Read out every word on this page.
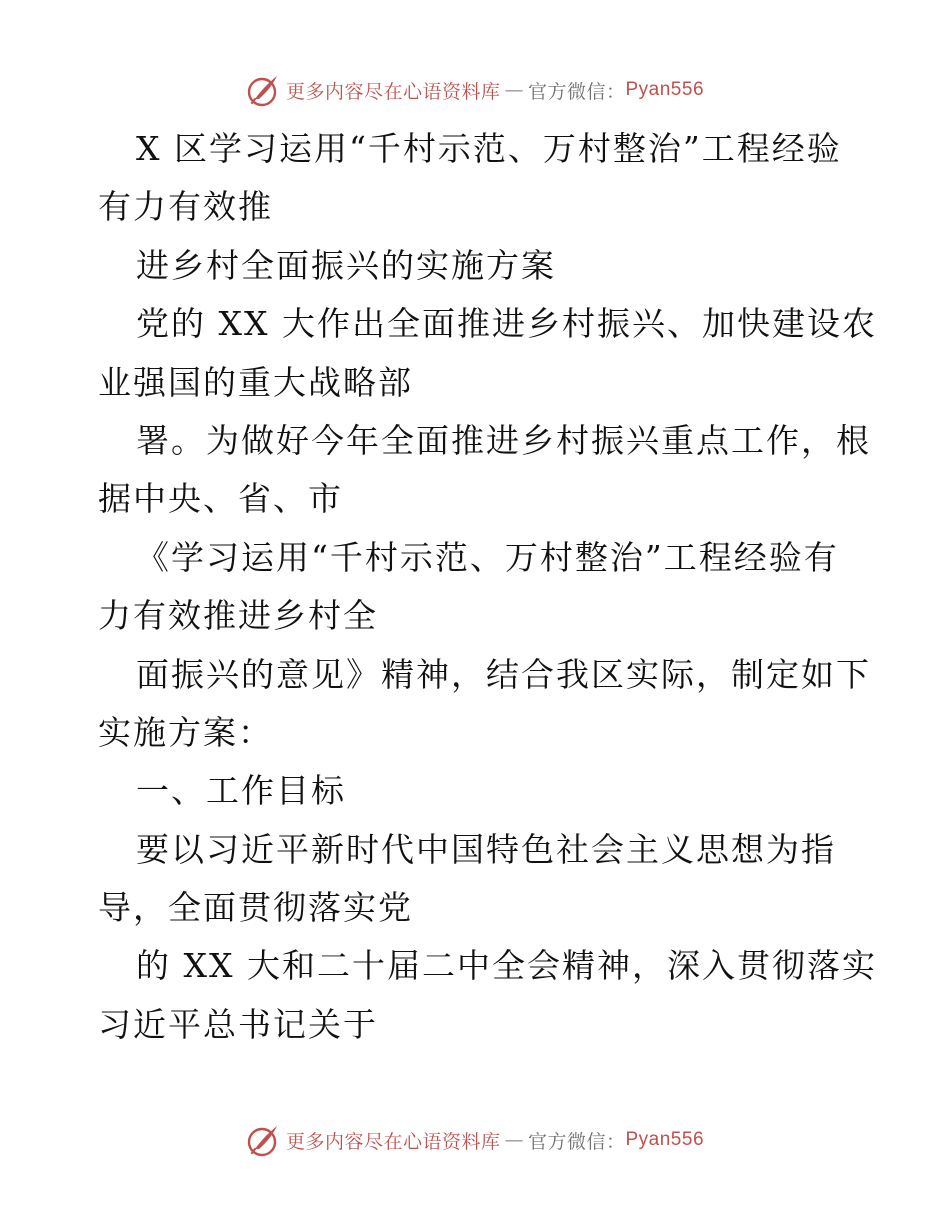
更多内容尽在心语资料库 — 官方微信： Pyan556
X 区学习运用“千村示范、万村整治”工程经验
有力有效推
进乡村全面振兴的实施方案
党的 XX 大作出全面推进乡村振兴、加快建设农
业强国的重大战略部
署。为做好今年全面推进乡村振兴重点工作，根
据中央、省、市
《学习运用“千村示范、万村整治”工程经验有
力有效推进乡村全
面振兴的意见》精神，结合我区实际，制定如下
实施方案：
一、工作目标
要以习近平新时代中国特色社会主义思想为指
导，全面贯彻落实党
的 XX 大和二十届二中全会精神，深入贯彻落实
习近平总书记关于
更多内容尽在心语资料库 — 官方微信： Pyan556
